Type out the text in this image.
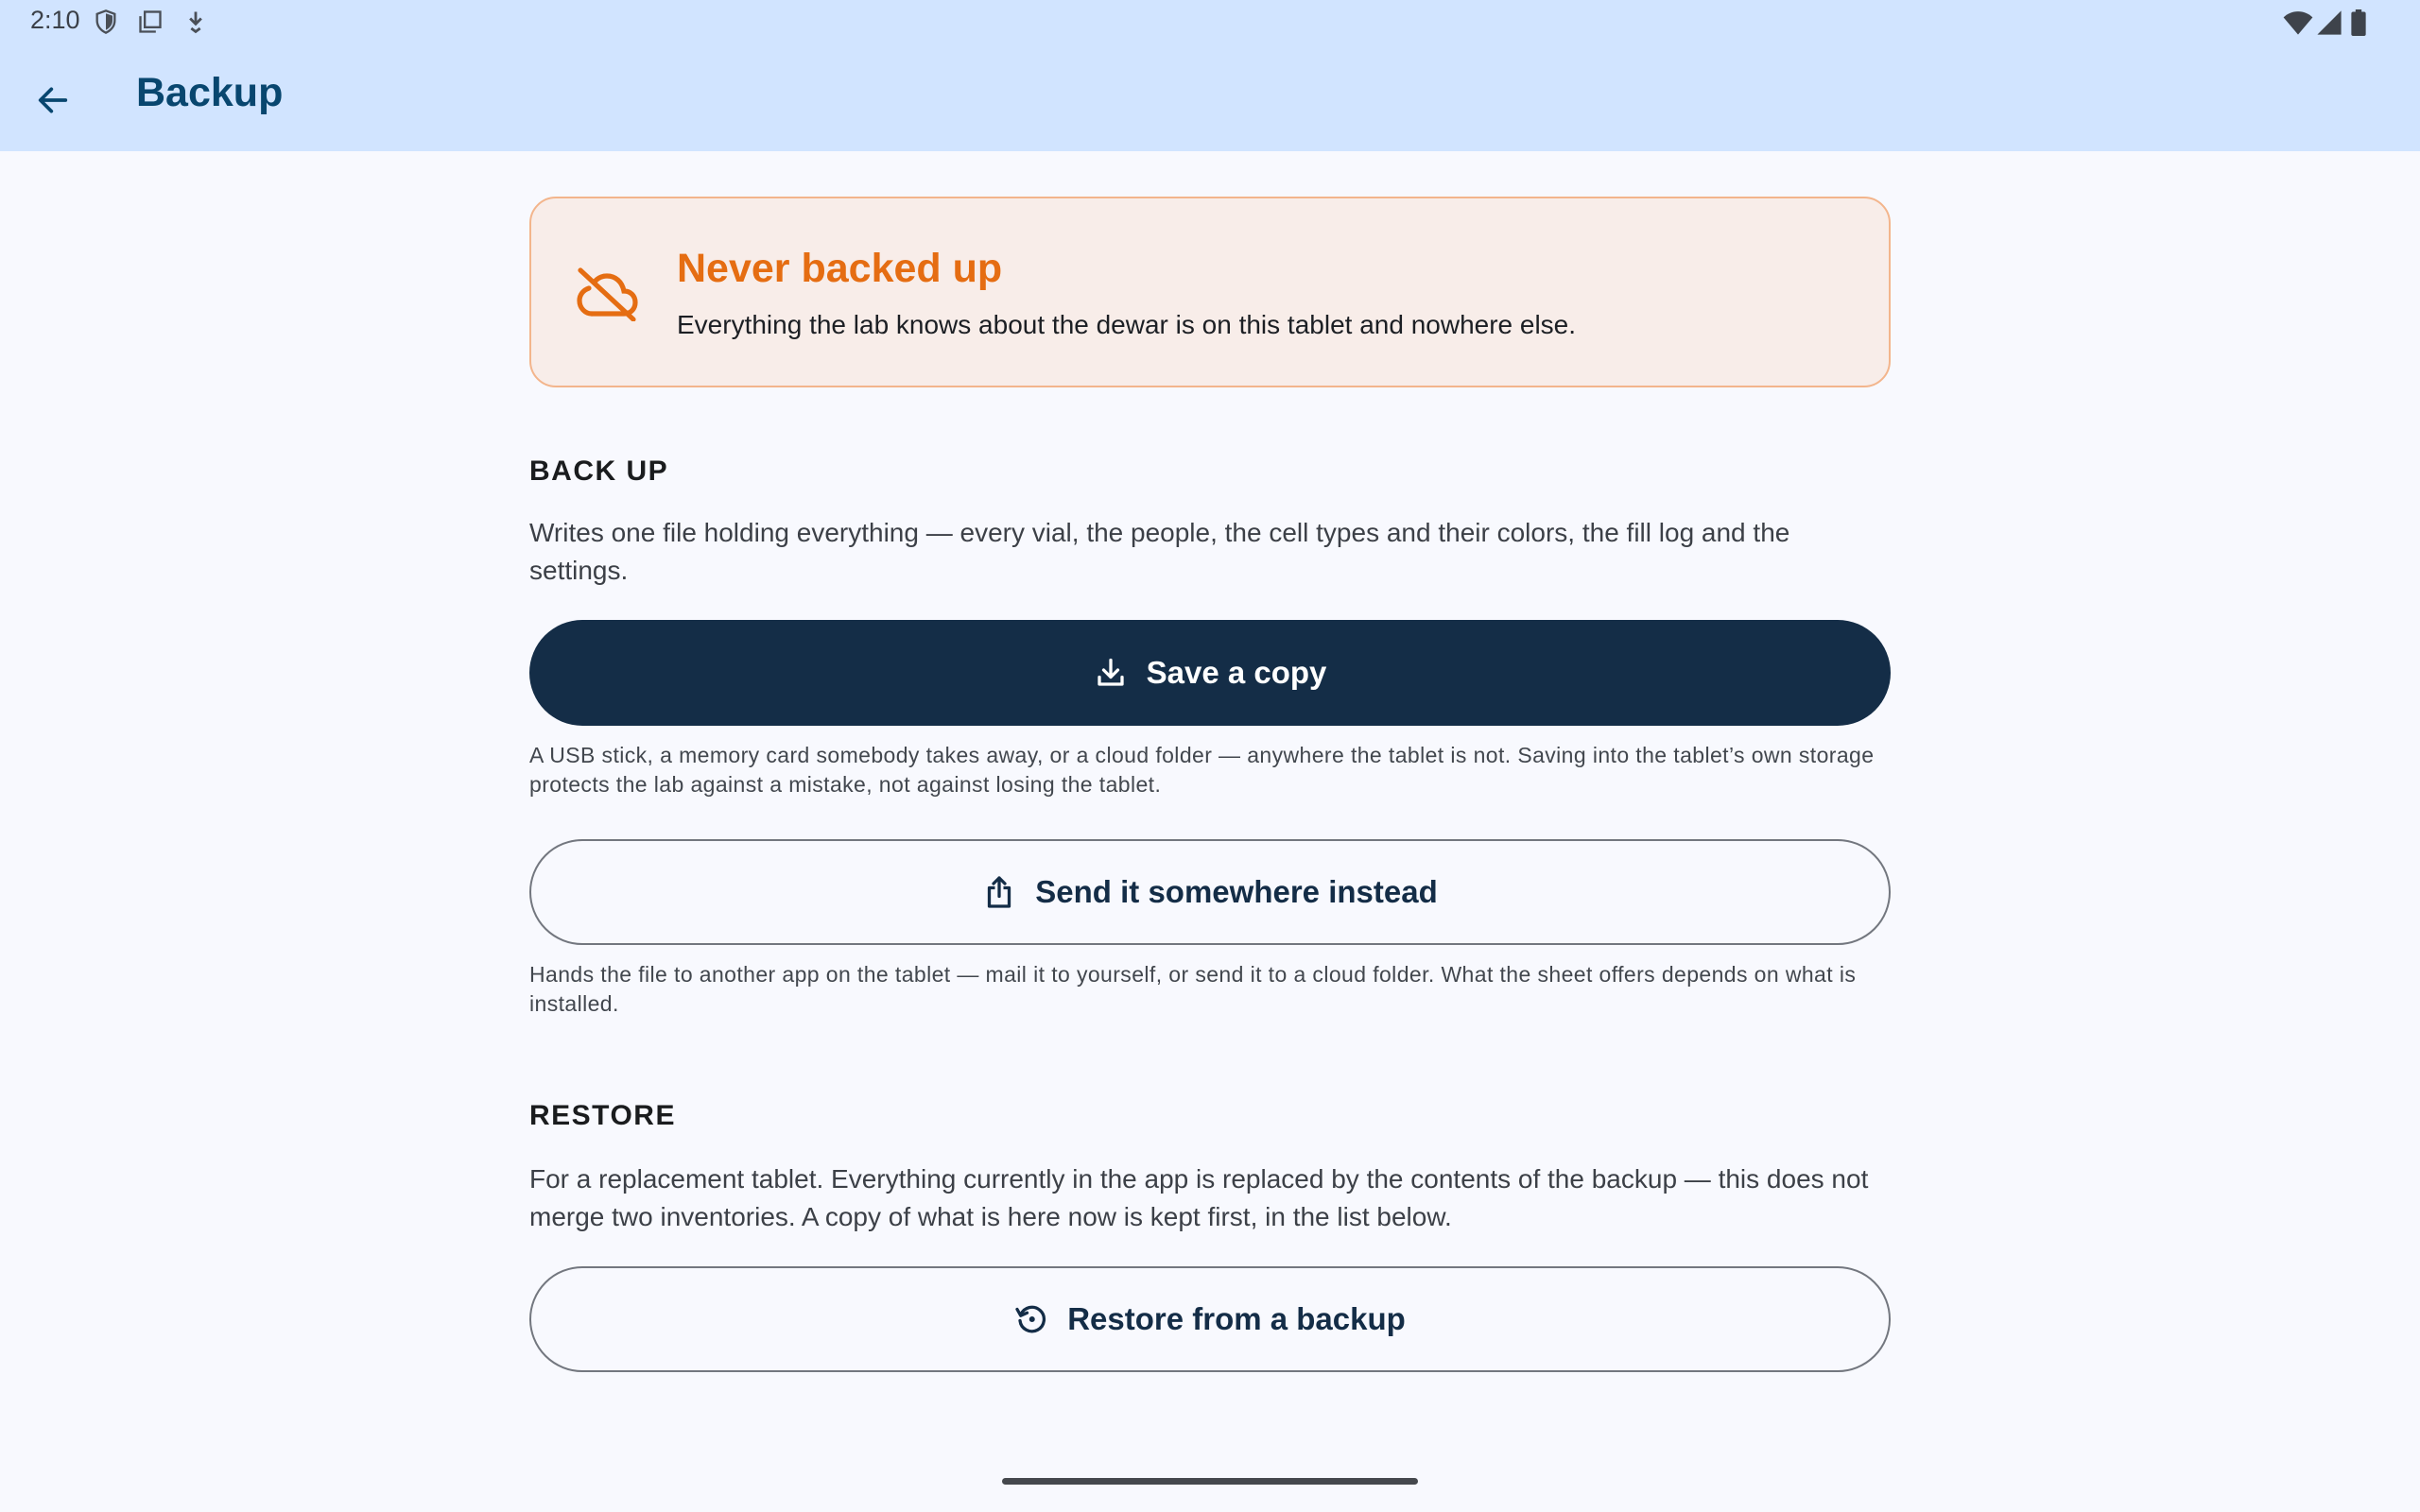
2:10
Backup
Never backed up
Everything the lab knows about the dewar is on this tablet and nowhere else.
BACK UP
Writes one file holding everything — every vial, the people, the cell types and their colors, the fill log and the settings.
Save a copy
A USB stick, a memory card somebody takes away, or a cloud folder — anywhere the tablet is not. Saving into the tablet’s own storage protects the lab against a mistake, not against losing the tablet.
Send it somewhere instead
Hands the file to another app on the tablet — mail it to yourself, or send it to a cloud folder. What the sheet offers depends on what is installed.
RESTORE
For a replacement tablet. Everything currently in the app is replaced by the contents of the backup — this does not merge two inventories. A copy of what is here now is kept first, in the list below.
Restore from a backup
